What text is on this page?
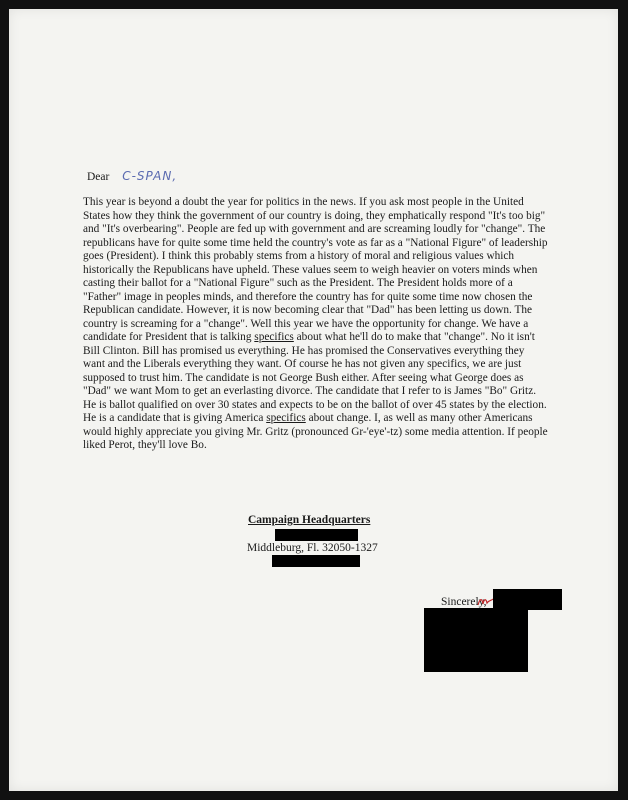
Dear C-SPAN,

This year is beyond a doubt the year for politics in the news. If you ask most people in the United States how they think the government of our country is doing, they emphatically respond "It's too big" and "It's overbearing". People are fed up with government and are screaming loudly for "change". The republicans have for quite some time held the country's vote as far as a "National Figure" of leadership goes (President). I think this probably stems from a history of moral and religious values which historically the Republicans have upheld. These values seem to weigh heavier on voters minds when casting their ballot for a "National Figure" such as the President. The President holds more of a "Father" image in peoples minds, and therefore the country has for quite some time now chosen the Republican candidate. However, it is now becoming clear that "Dad" has been letting us down. The country is screaming for a "change". Well this year we have the opportunity for change. We have a candidate for President that is talking specifics about what he'll do to make that "change". No it isn't Bill Clinton. Bill has promised us everything. He has promised the Conservatives everything they want and the Liberals everything they want. Of course he has not given any specifics, we are just supposed to trust him. The candidate is not George Bush either. After seeing what George does as "Dad" we want Mom to get an everlasting divorce. The candidate that I refer to is James "Bo" Gritz. He is ballot qualified on over 30 states and expects to be on the ballot of over 45 states by the election. He is a candidate that is giving America specifics about change. I, as well as many other Americans would highly appreciate you giving Mr. Gritz (pronounced Gr-'eye'-tz) some media attention. If people liked Perot, they'll love Bo.

Campaign Headquarters
Middleburg, Fl. 32050-1327
Sincerely,
